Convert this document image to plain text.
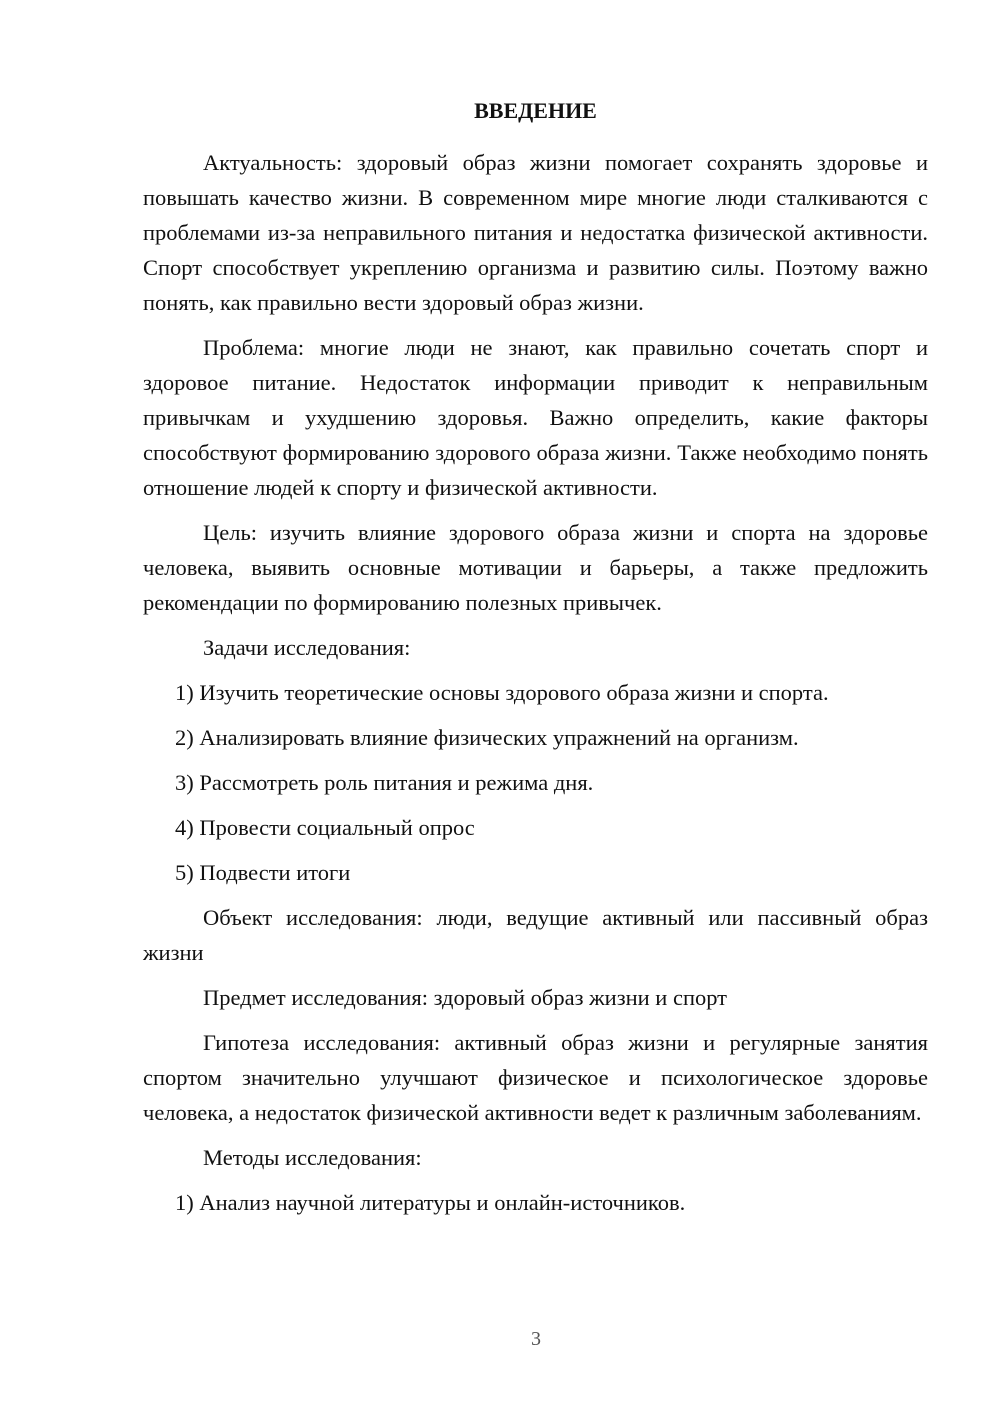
ВВЕДЕНИЕ

Актуальность: здоровый образ жизни помогает сохранять здоровье и повышать качество жизни. В современном мире многие люди сталкиваются с проблемами из-за неправильного питания и недостатка физической активности. Спорт способствует укреплению организма и развитию силы. Поэтому важно понять, как правильно вести здоровый образ жизни.

Проблема: многие люди не знают, как правильно сочетать спорт и здоровое питание. Недостаток информации приводит к неправильным привычкам и ухудшению здоровья. Важно определить, какие факторы способствуют формированию здорового образа жизни. Также необходимо понять отношение людей к спорту и физической активности.

Цель: изучить влияние здорового образа жизни и спорта на здоровье человека, выявить основные мотивации и барьеры, а также предложить рекомендации по формированию полезных привычек.

Задачи исследования:

1) Изучить теоретические основы здорового образа жизни и спорта.
2) Анализировать влияние физических упражнений на организм.
3) Рассмотреть роль питания и режима дня.
4) Провести социальный опрос
5) Подвести итоги

Объект исследования: люди, ведущие активный или пассивный образ жизни

Предмет исследования: здоровый образ жизни и спорт

Гипотеза исследования: активный образ жизни и регулярные занятия спортом значительно улучшают физическое и психологическое здоровье человека, а недостаток физической активности ведет к различным заболеваниям.

Методы исследования:

1) Анализ научной литературы и онлайн-источников.
3
